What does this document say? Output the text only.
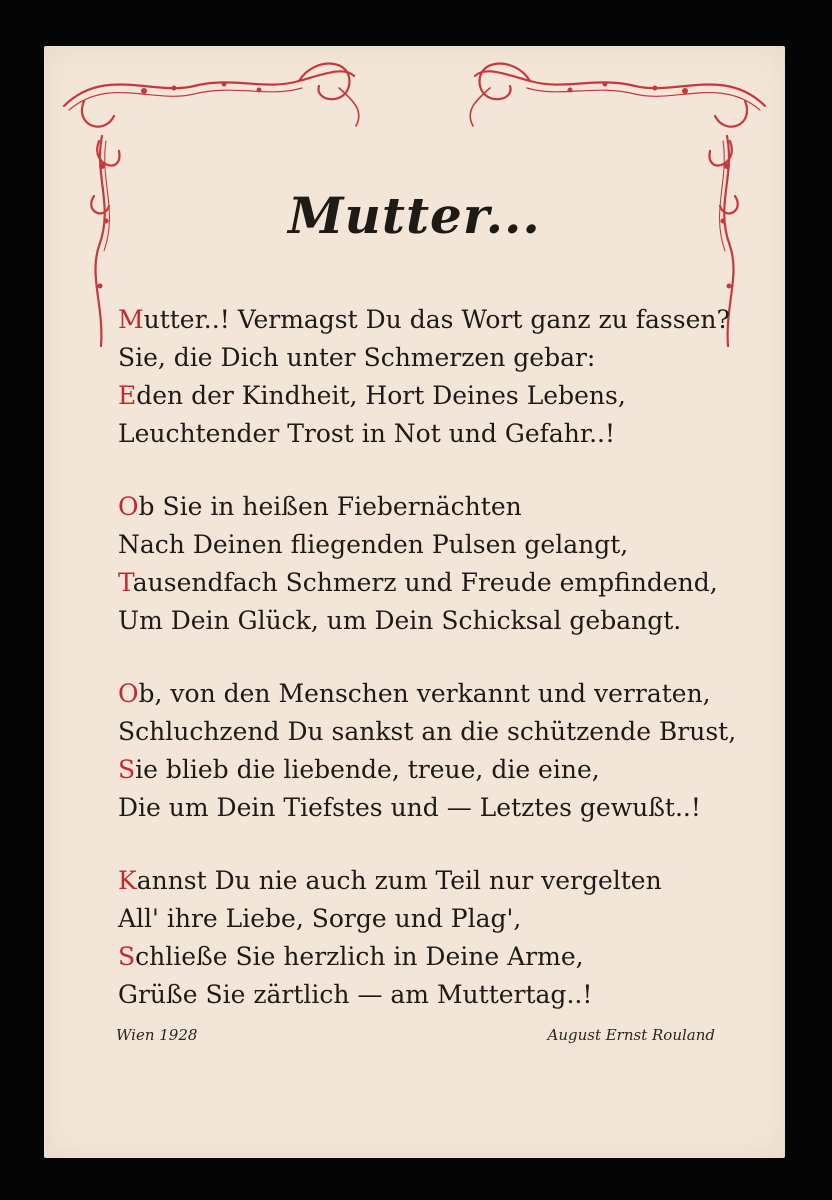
Mutter...
Mutter..! Vermagst Du das Wort ganz zu fassen?
Sie, die Dich unter Schmerzen gebar:
Eden der Kindheit, Hort Deines Lebens,
Leuchtender Trost in Not und Gefahr..!
Ob Sie in heißen Fiebernächten
Nach Deinen fliegenden Pulsen gelangt,
Tausendfach Schmerz und Freude empfindend,
Um Dein Glück, um Dein Schicksal gebangt.
Ob, von den Menschen verkannt und verraten,
Schluchzend Du sankst an die schützende Brust,
Sie blieb die liebende, treue, die eine,
Die um Dein Tiefstes und — Letztes gewußt..!
Kannst Du nie auch zum Teil nur vergelten
All' ihre Liebe, Sorge und Plag',
Schließe Sie herzlich in Deine Arme,
Grüße Sie zärtlich — am Muttertag..!
Wien 1928	August Ernst Rouland
